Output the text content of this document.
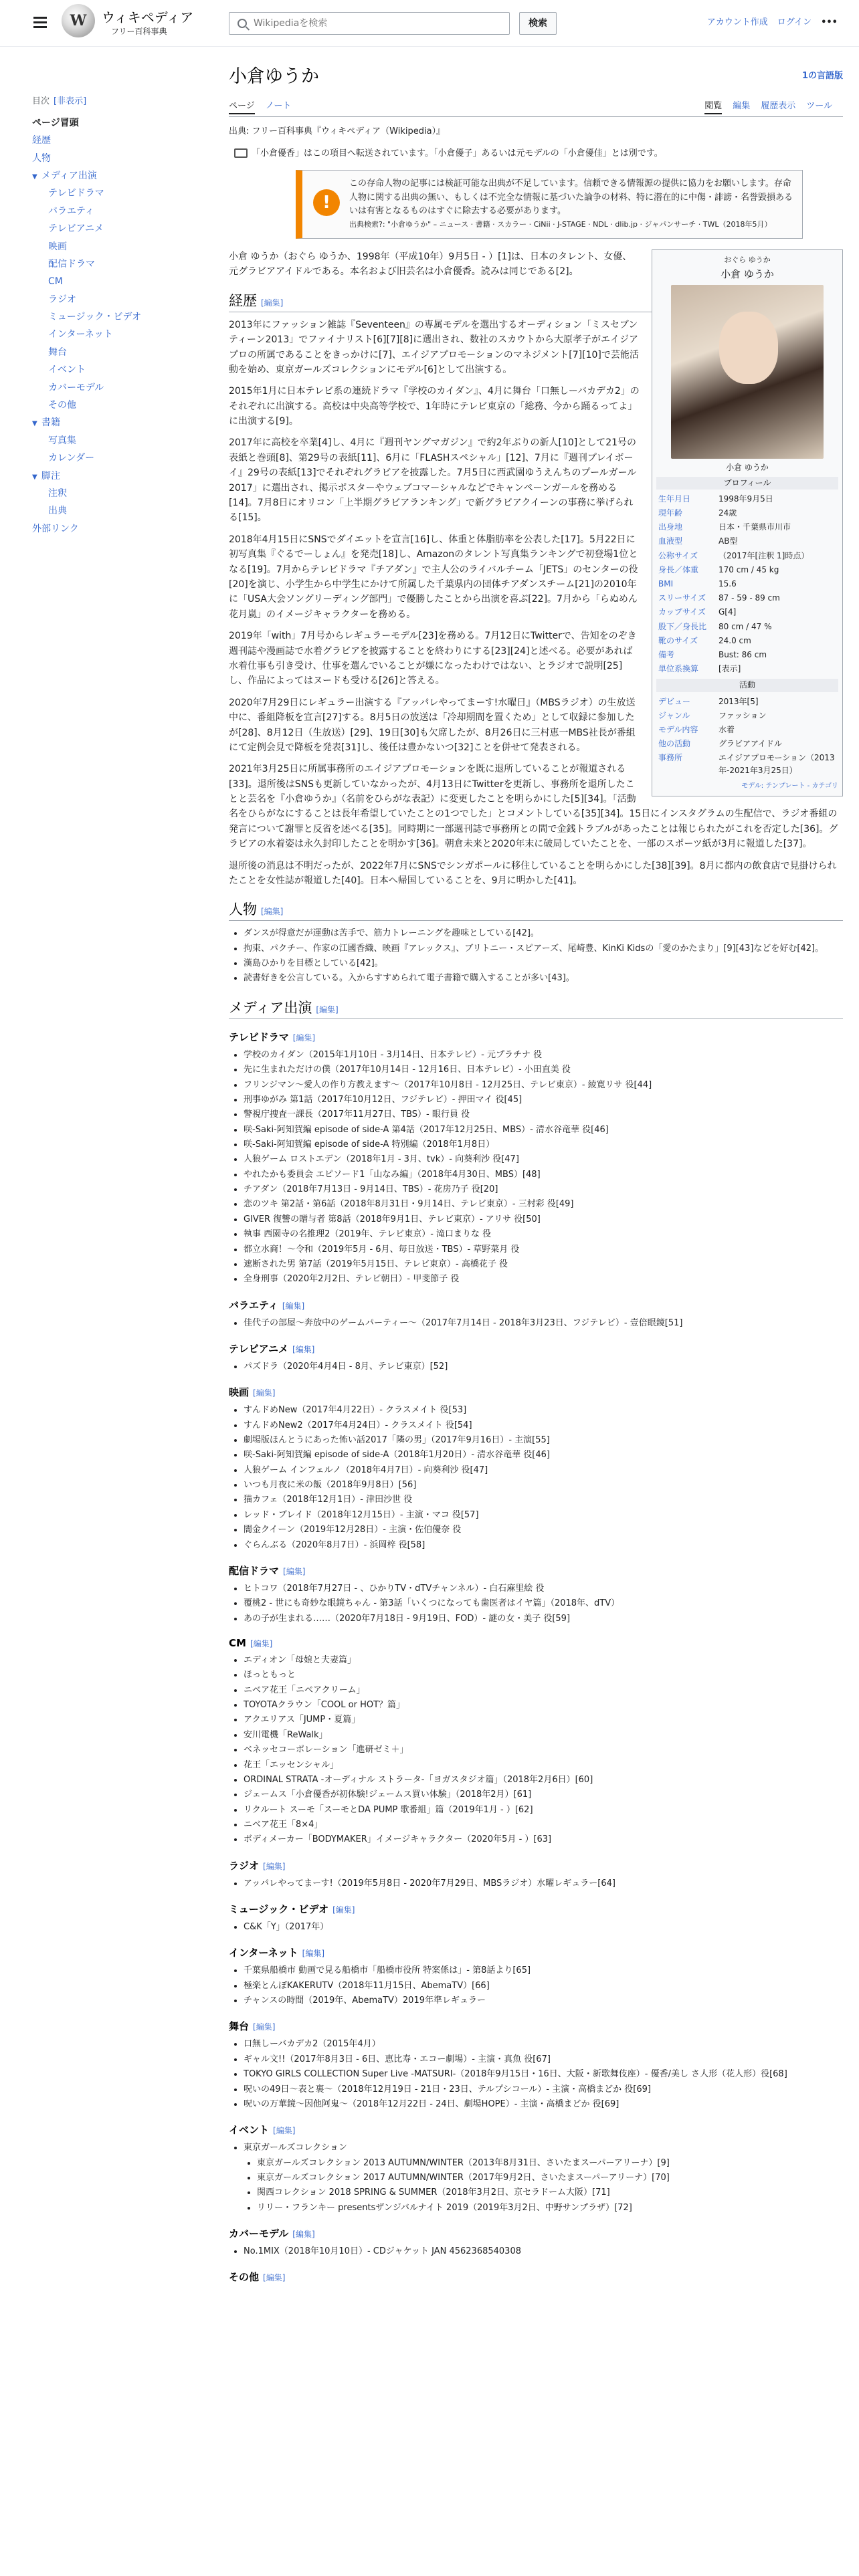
W	ウィキペディア
フリー百科事典
Wikipediaを検索
検索	アカウント作成 ログイン •••
目次 [非表示]
ページ冒頭
経歴
人物
▼ メディア出演
テレビドラマ
バラエティ
テレビアニメ
映画
配信ドラマ
CM
ラジオ
ミュージック・ビデオ
インターネット
舞台
イベント
カバーモデル
その他
▼ 書籍
写真集
カレンダー
▼ 脚注
注釈
出典
外部リンク
小倉ゆうか	1の言語版
ページ ノート	閲覧 編集 履歴表示 ツール
出典: フリー百科事典『ウィキペディア（Wikipedia）』
「小倉優香」はこの項目へ転送されています。「小倉優子」あるいは元モデルの「小倉優佳」とは別です。
!
この存命人物の記事には検証可能な出典が不足しています。信頼できる情報源の提供に協力をお願いします。存命人物に関する出典の無い、もしくは不完全な情報に基づいた論争の材料、特に潜在的に中傷・誹謗・名誉毀損あるいは有害となるものはすぐに除去する必要があります。
出典検索?: "小倉ゆうか" – ニュース · 書籍 · スカラー · CiNii · J-STAGE · NDL · dlib.jp · ジャパンサーチ · TWL（2018年5月）
おぐら ゆうか
小倉 ゆうか
小倉 ゆうか
プロフィール
生年月日	1998年9月5日
現年齢	24歳
出身地	日本・千葉県市川市
血液型	AB型
公称サイズ	（2017年[注釈 1]時点）
身長／体重	170 cm / 45 kg
BMI	15.6
スリーサイズ	87 - 59 - 89 cm
カップサイズ	G[4]
股下／身長比	80 cm / 47 %
靴のサイズ	24.0 cm
備考	Bust: 86 cm
単位系換算	[表示]
活動
デビュー	2013年[5]
ジャンル	ファッション
モデル内容	水着
他の活動	グラビアアイドル
事務所	エイジアプロモーション（2013年-2021年3月25日）
モデル: テンプレート - カテゴリ

小倉 ゆうか（おぐら ゆうか、1998年（平成10年）9月5日 - ）[1]は、日本のタレント、女優、元グラビアアイドルである。本名および旧芸名は小倉優香。読みは同じである[2]。

経歴 [編集]

2013年にファッション雑誌『Seventeen』の専属モデルを選出するオーディション「ミスセブンティーン2013」でファイナリスト[6][7][8]に選出され、数社のスカウトから大原孝子がエイジアプロの所属であることをきっかけに[7]、エイジアプロモーションのマネジメント[7][10]で芸能活動を始め、東京ガールズコレクションにモデル[6]として出演する。

2015年1月に日本テレビ系の連続ドラマ『学校のカイダン』、4月に舞台「口無しーバカデカ2」のそれぞれに出演する。高校は中央高等学校で、1年時にテレビ東京の「総務、今から踊るってよ」に出演する[9]。

2017年に高校を卒業[4]し、4月に『週刊ヤングマガジン』で約2年ぶりの新人[10]として21号の表紙と巻頭[8]、第29号の表紙[11]、6月に「FLASHスペシャル」[12]、7月に『週刊プレイボーイ』29号の表紙[13]でそれぞれグラビアを披露した。7月5日に西武園ゆうえんちのプールガール 2017」に選出され、掲示ポスターやウェブコマーシャルなどでキャンペーンガールを務める[14]。7月8日にオリコン「上半期グラビアランキング」で新グラビアクイーンの事務に挙げられる[15]。

2018年4月15日にSNSでダイエットを宣言[16]し、体重と体脂肪率を公表した[17]。5月22日に初写真集『ぐるでーしょん』を発売[18]し、Amazonのタレント写真集ランキングで初登場1位となる[19]。7月からテレビドラマ『チアダン』で主人公のライバルチーム「JETS」のセンターの役[20]を演じ、小学生から中学生にかけて所属した千葉県内の団体チアダンスチーム[21]の2010年に「USA大会ソングリーディング部門」で優勝したことから出演を喜ぶ[22]。7月から「らぬめん花月嵐」のイメージキャラクターを務める。

2019年「with」7月号からレギュラーモデル[23]を務める。7月12日にTwitterで、告知をのぞき週刊誌や漫画誌で水着グラビアを披露することを終わりにする[23][24]と述べる。必要があれば水着仕事も引き受け、仕事を選んでいることが嫌になったわけではない、とラジオで説明[25]し、作品によってはヌードも受ける[26]と答える。

2020年7月29日にレギュラー出演する『アッパレやってまーす!水曜日』（MBSラジオ）の生放送中に、番組降板を宣言[27]する。8月5日の放送は「冷却期間を置くため」として収録に参加したが[28]、8月12日（生放送）[29]、19日[30]も欠席したが、8月26日に三村恵一MBS社長が番組にて定例会見で降板を発表[31]し、後任は豊かないつ[32]ことを併せて発表される。

2021年3月25日に所属事務所のエイジアプロモーションを既に退所していることが報道される[33]。退所後はSNSも更新していなかったが、4月13日にTwitterを更新し、事務所を退所したことと芸名を『小倉ゆうか』（名前をひらがな表記）に変更したことを明らかにした[5][34]。「活動名をひらがなにすることは長年希望していたことの1つでした」とコメントしている[35][34]。15日にインスタグラムの生配信で、ラジオ番組の発言について謝罪と反省を述べる[35]。同時期に一部週刊誌で事務所との間で金銭トラブルがあったことは報じられたがこれを否定した[36]。グラビアの水着姿は永久封印したことを明かす[36]。朝倉未来と2020年末に破局していたことを、一部のスポーツ紙が3月に報道した[37]。

退所後の消息は不明だったが、2022年7月にSNSでシンガポールに移住していることを明らかにした[38][39]。8月に都内の飲食店で見掛けられたことを女性誌が報道した[40]。日本へ帰国していることを、9月に明かした[41]。

人物 [編集]
• ダンスが得意だが運動は苦手で、筋力トレーニングを趣味としている[42]。
• 拘束、パクチー、作家の江國香織、映画『アレックス』、ブリトニー・スピアーズ、尾崎豊、KinKi Kidsの「愛のかたまり」[9][43]などを好む[42]。
• 漢島ひかりを目標としている[42]。
• 読書好きを公言している。入からすすめられて電子書籍で購入することが多い[43]。
メディア出演 [編集]
テレビドラマ [編集]
• 学校のカイダン（2015年1月10日 - 3月14日、日本テレビ）- 元プラチナ 役
• 先に生まれただけの僕（2017年10月14日 - 12月16日、日本テレビ）- 小田直美 役
• フリンジマン〜愛人の作り方教えます〜（2017年10月8日 - 12月25日、テレビ東京）- 綾寛リサ 役[44]
• 刑事ゆがみ 第1話（2017年10月12日、フジテレビ）- 押田マイ 役[45]
• 警視庁捜査一課長（2017年11月27日、TBS）- 眼行員 役
• 咲-Saki-阿知賀編 episode of side-A 第4話（2017年12月25日、MBS）- 清水谷竜華 役[46]
• 咲-Saki-阿知賀編 episode of side-A 特別編（2018年1月8日）
• 人狼ゲーム ロストエデン（2018年1月 - 3月、tvk）- 向葵利沙 役[47]
• やれたかも委員会 エピソード1「山なみ編」（2018年4月30日、MBS）[48]
• チアダン（2018年7月13日 - 9月14日、TBS）- 花房乃子 役[20]
• 恋のツキ 第2話・第6話（2018年8月31日・9月14日、テレビ東京）- 三村彩 役[49]
• GIVER 復讐の贈与者 第8話（2018年9月1日、テレビ東京）- アリサ 役[50]
• 執事 西園寺の名推理2（2019年、テレビ東京）- 滝口まりな 役
• 都立水商！〜令和（2019年5月 - 6月、毎日放送・TBS）- 草野菜月 役
• 遮断された男 第7話（2019年5月15日、テレビ東京）- 高橋花子 役
• 全身刑事（2020年2月2日、テレビ朝日）- 甲斐節子 役
バラエティ [編集]
• 佳代子の部屋〜奔放中のゲームパーティー〜（2017年7月14日 - 2018年3月23日、フジテレビ）- 壹倍眼鏡[51]
テレビアニメ [編集]
• パズドラ（2020年4月4日 - 8月、テレビ東京）[52]
映画 [編集]
• すんドめNew（2017年4月22日）- クラスメイト 役[53]
• すんドめNew2（2017年4月24日）- クラスメイト 役[54]
• 劇場版ほんとうにあった怖い話2017「隣の男」（2017年9月16日）- 主演[55]
• 咲-Saki-阿知賀編 episode of side-A（2018年1月20日）- 清水谷竜華 役[46]
• 人狼ゲーム インフェルノ（2018年4月7日）- 向葵利沙 役[47]
• いつも月夜に米の飯（2018年9月8日）[56]
• 猫カフェ（2018年12月1日）- 津田沙世 役
• レッド・ブレイド（2018年12月15日）- 主演・マコ 役[57]
• 闇金クイーン（2019年12月28日）- 主演・佐伯優奈 役
• ぐらんぶる（2020年8月7日）- 浜岡梓 役[58]
配信ドラマ [編集]
• ヒトコワ（2018年7月27日 - 、ひかりTV・dTVチャンネル）- 白石麻里絵 役
• 覆桃2 - 世にも奇妙な眼鏡ちゃん - 第3話「いくつになっても歯医者はイヤ篇」（2018年、dTV）
• あの子が生まれる……（2020年7月18日 - 9月19日、FOD）- 謎の女・美子 役[59]
CM [編集]
• エディオン「母娘と夫妻篇」
• ほっともっと
• ニベア花王「ニベアクリーム」
• TOYOTAクラウン「COOL or HOT？篇」
• アクエリアス「JUMP・夏篇」
• 安川電機「ReWalk」
• ベネッセコーポレーション「進研ゼミ＋」
• 花王「エッセンシャル」
• ORDINAL STRATA -オーディナル ストラータ-「ヨガスタジオ篇」（2018年2月6日）[60]
• ジェームス「小倉優香が初体験!ジェームス買い体験」（2018年2月）[61]
• リクルート スーモ「スーモとDA PUMP 歌番組」篇（2019年1月 - ）[62]
• ニベア花王「8×4」
• ボディメーカー「BODYMAKER」イメージキャラクター（2020年5月 - ）[63]
ラジオ [編集]
• アッパレやってまーす!（2019年5月8日 - 2020年7月29日、MBSラジオ）水曜レギュラー[64]
ミュージック・ビデオ [編集]
• C&K「Y」（2017年）
インターネット [編集]
• 千葉県船橋市 動画で見る船橋市「船橋市役所 特案係は」- 第8話より[65]
• 極楽とんぼKAKERUTV（2018年11月15日、AbemaTV）[66]
• チャンスの時間（2019年、AbemaTV）2019年準レギュラー
舞台 [編集]
• 口無しーバカデカ2（2015年4月）
• ギャル文!!（2017年8月3日 - 6日、恵比寿・エコー劇場）- 主演・真魚 役[67]
• TOKYO GIRLS COLLECTION Super Live -MATSURI-（2018年9月15日・16日、大阪・新歌舞伎座）- 優香/美し さ人形（花人形）役[68]
• 呪いの49日〜表と裏〜（2018年12月19日 - 21日・23日、テルプシコール）- 主演・高橋まどか 役[69]
• 呪いの万華鏡〜因他阿鬼〜（2018年12月22日 - 24日、劇場HOPE）- 主演・高橋まどか 役[69]
イベント [編集]
• 東京ガールズコレクション
• 東京ガールズコレクション 2013 AUTUMN/WINTER（2013年8月31日、さいたまスーパーアリーナ）[9]
• 東京ガールズコレクション 2017 AUTUMN/WINTER（2017年9月2日、さいたまスーパーアリーナ）[70]
• 関西コレクション 2018 SPRING & SUMMER（2018年3月2日、京セラドーム大阪）[71]
• リリー・フランキー presentsザンジバルナイト 2019（2019年3月2日、中野サンプラザ）[72]
カバーモデル [編集]
• No.1MIX（2018年10月10日）- CDジャケット JAN 4562368540308
その他 [編集]
